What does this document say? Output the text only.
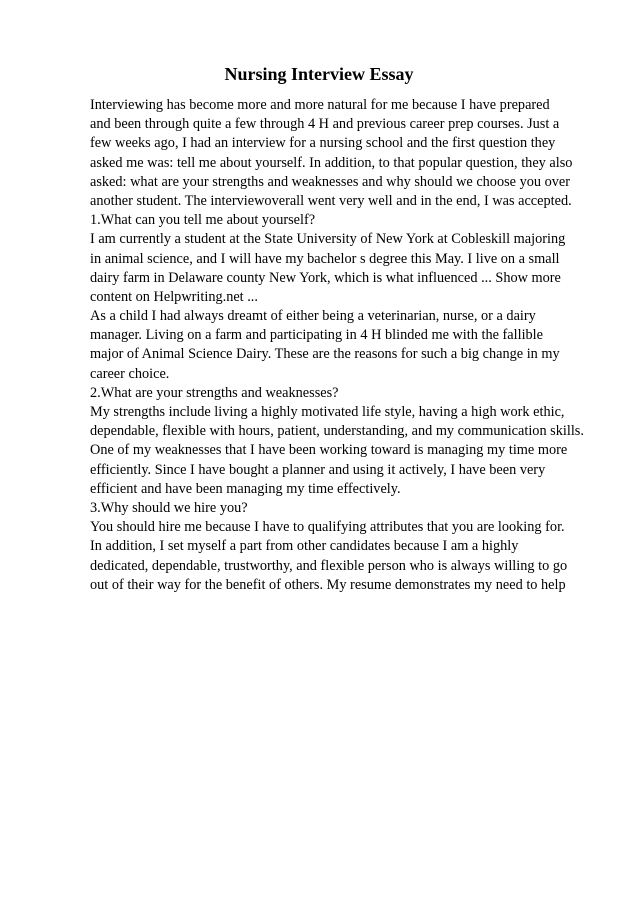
Nursing Interview Essay
Interviewing has become more and more natural for me because I have prepared
and been through quite a few through 4 H and previous career prep courses. Just a
few weeks ago, I had an interview for a nursing school and the first question they
asked me was: tell me about yourself. In addition, to that popular question, they also
asked: what are your strengths and weaknesses and why should we choose you over
another student. The interviewoverall went very well and in the end, I was accepted.
1.What can you tell me about yourself?
I am currently a student at the State University of New York at Cobleskill majoring
in animal science, and I will have my bachelor s degree this May. I live on a small
dairy farm in Delaware county New York, which is what influenced ... Show more
content on Helpwriting.net ...
As a child I had always dreamt of either being a veterinarian, nurse, or a dairy
manager. Living on a farm and participating in 4 H blinded me with the fallible
major of Animal Science Dairy. These are the reasons for such a big change in my
career choice.
2.What are your strengths and weaknesses?
My strengths include living a highly motivated life style, having a high work ethic,
dependable, flexible with hours, patient, understanding, and my communication skills.
One of my weaknesses that I have been working toward is managing my time more
efficiently. Since I have bought a planner and using it actively, I have been very
efficient and have been managing my time effectively.
3.Why should we hire you?
You should hire me because I have to qualifying attributes that you are looking for.
In addition, I set myself a part from other candidates because I am a highly
dedicated, dependable, trustworthy, and flexible person who is always willing to go
out of their way for the benefit of others. My resume demonstrates my need to help
